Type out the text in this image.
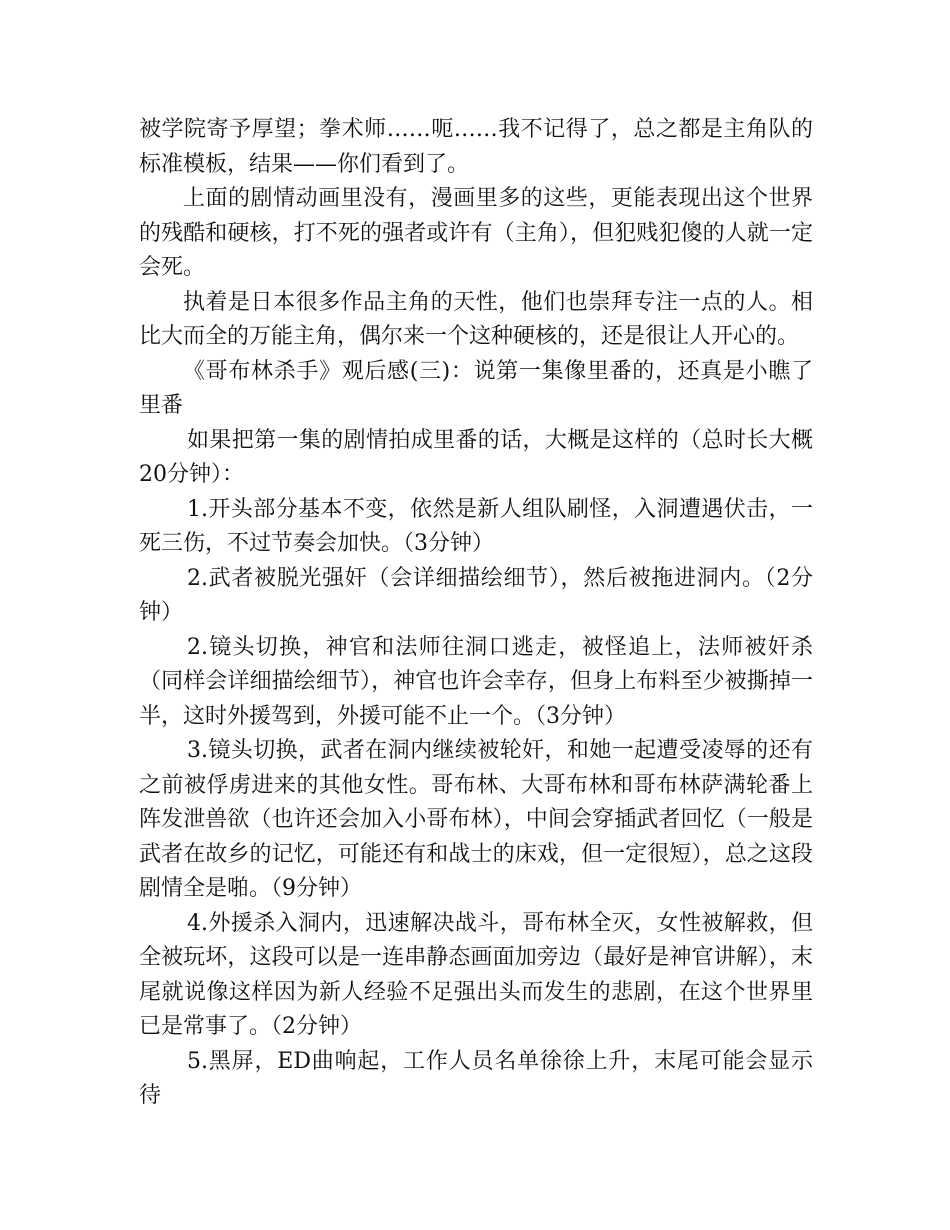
被学院寄予厚望；拳术师……呃……我不记得了，总之都是主角队的标准模板，结果——你们看到了。

上面的剧情动画里没有，漫画里多的这些，更能表现出这个世界的残酷和硬核，打不死的强者或许有（主角），但犯贱犯傻的人就一定会死。

执着是日本很多作品主角的天性，他们也崇拜专注一点的人。相比大而全的万能主角，偶尔来一个这种硬核的，还是很让人开心的。

《哥布林杀手》观后感(三)：说第一集像里番的，还真是小瞧了里番

如果把第一集的剧情拍成里番的话，大概是这样的（总时长大概20分钟）：

1.开头部分基本不变，依然是新人组队刷怪，入洞遭遇伏击，一死三伤，不过节奏会加快。（3分钟）

2.武者被脱光强奸（会详细描绘细节），然后被拖进洞内。（2分钟）

2.镜头切换，神官和法师往洞口逃走，被怪追上，法师被奸杀（同样会详细描绘细节），神官也许会幸存，但身上布料至少被撕掉一半，这时外援驾到，外援可能不止一个。（3分钟）

3.镜头切换，武者在洞内继续被轮奸，和她一起遭受凌辱的还有之前被俘虏进来的其他女性。哥布林、大哥布林和哥布林萨满轮番上阵发泄兽欲（也许还会加入小哥布林），中间会穿插武者回忆（一般是武者在故乡的记忆，可能还有和战士的床戏，但一定很短），总之这段剧情全是啪。（9分钟）

4.外援杀入洞内，迅速解决战斗，哥布林全灭，女性被解救，但全被玩坏，这段可以是一连串静态画面加旁边（最好是神官讲解），末尾就说像这样因为新人经验不足强出头而发生的悲剧，在这个世界里已是常事了。（2分钟）

5.黑屏，ED曲响起，工作人员名单徐徐上升，末尾可能会显示待
